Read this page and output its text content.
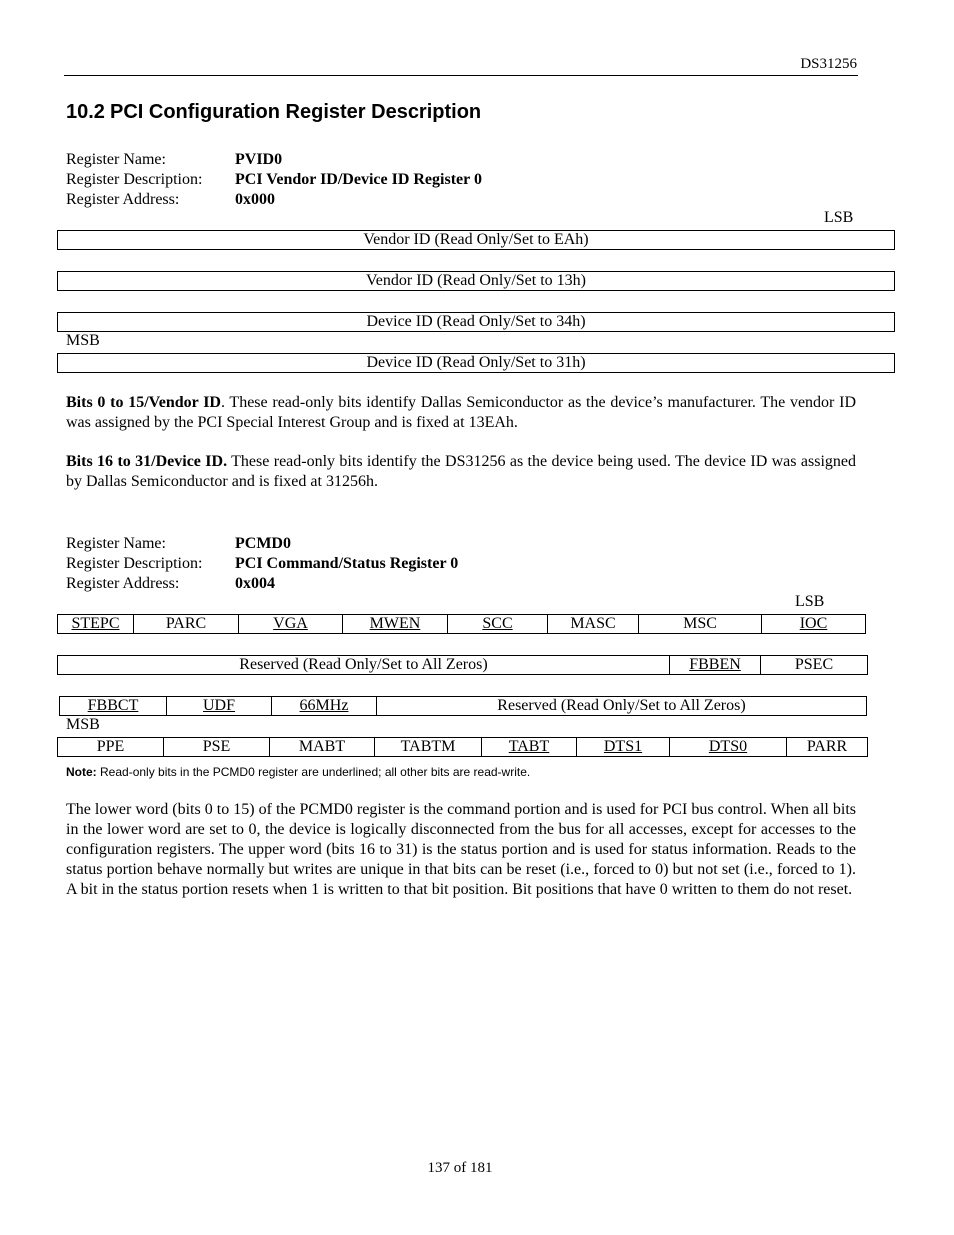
DS31256
10.2 PCI Configuration Register Description
Register Name:	PVID0
Register Description:	PCI Vendor ID/Device ID Register 0
Register Address:	0x000
LSB
Vendor ID (Read Only/Set to EAh)
Vendor ID (Read Only/Set to 13h)
Device ID (Read Only/Set to 34h)
MSB
Device ID (Read Only/Set to 31h)
Bits 0 to 15/Vendor ID. These read-only bits identify Dallas Semiconductor as the device’s manufacturer. The vendor ID was assigned by the PCI Special Interest Group and is fixed at 13EAh.
Bits 16 to 31/Device ID. These read-only bits identify the DS31256 as the device being used. The device ID was assigned by Dallas Semiconductor and is fixed at 31256h.
Register Name:	PCMD0
Register Description:	PCI Command/Status Register 0
Register Address:	0x004
LSB
STEPC	PARC	VGA	MWEN	SCC	MASC	MSC	IOC
Reserved (Read Only/Set to All Zeros)	FBBEN	PSEC
FBBCT	UDF	66MHz	Reserved (Read Only/Set to All Zeros)
MSB
PPE	PSE	MABT	TABTM	TABT	DTS1	DTS0	PARR
Note: Read-only bits in the PCMD0 register are underlined; all other bits are read-write.
The lower word (bits 0 to 15) of the PCMD0 register is the command portion and is used for PCI bus control. When all bits in the lower word are set to 0, the device is logically disconnected from the bus for all accesses, except for accesses to the configuration registers. The upper word (bits 16 to 31) is the status portion and is used for status information. Reads to the status portion behave normally but writes are unique in that bits can be reset (i.e., forced to 0) but not set (i.e., forced to 1). A bit in the status portion resets when 1 is written to that bit position. Bit positions that have 0 written to them do not reset.
137 of 181
